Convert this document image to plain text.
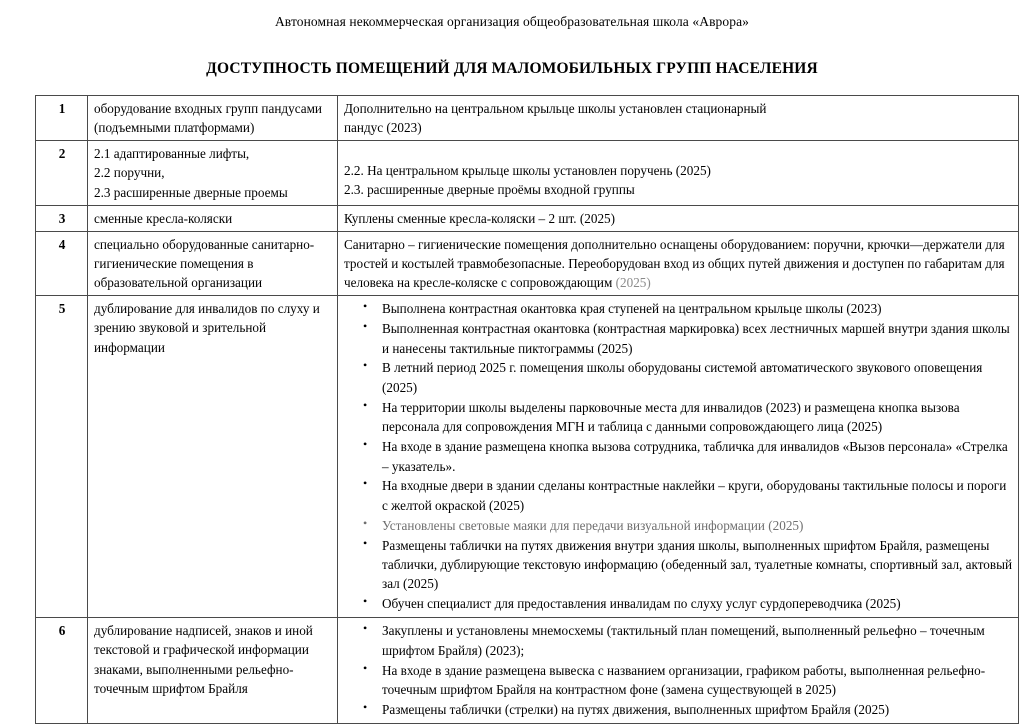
Автономная некоммерческая организация общеобразовательная школа «Аврора»
ДОСТУПНОСТЬ ПОМЕЩЕНИЙ ДЛЯ МАЛОМОБИЛЬНЫХ ГРУПП НАСЕЛЕНИЯ
1	оборудование входных групп пандусами (подъемными платформами)	Дополнительно на центральном крыльце школы установлен стационарный
пандус (2023)

2	2.1 адаптированные лифты,
2.2 поручни,
2.3 расширенные дверные проемы	2.2. На центральном крыльце школы установлен поручень (2025)
2.3. расширенные дверные проёмы входной группы

3	сменные кресла-коляски	Куплены сменные кресла-коляски – 2 шт. (2025)
4	специально оборудованные санитарно-гигиенические помещения в образовательной организации	Санитарно – гигиенические помещения дополнительно оснащены оборудованием: поручни, крючки—держатели для тростей и костылей травмобезопасные. Переоборудован вход из общих путей движения и доступен по габаритам для человека на кресле-коляске с сопровождающим (2025)
5	дублирование для инвалидов по слуху и зрению звуковой и зрительной информации	
• Выполнена контрастная окантовка края ступеней на центральном крыльце школы (2023)
• Выполненная контрастная окантовка (контрастная маркировка) всех лестничных маршей внутри здания школы и нанесены тактильные пиктограммы (2025)
• В летний период 2025 г. помещения школы оборудованы системой автоматического звукового оповещения (2025)
• На территории школы выделены парковочные места для инвалидов (2023) и размещена кнопка вызова персонала для сопровождения МГН и таблица с данными сопровождающего лица (2025)
• На входе в здание размещена кнопка вызова сотрудника, табличка для инвалидов «Вызов персонала» «Стрелка – указатель».
• На входные двери в здании сделаны контрастные наклейки – круги, оборудованы тактильные полосы и пороги с желтой окраской (2025)
• Установлены световые маяки для передачи визуальной информации (2025)
• Размещены таблички на путях движения внутри здания школы, выполненных шрифтом Брайля, размещены таблички, дублирующие текстовую информацию (обеденный зал, туалетные комнаты, спортивный зал, актовый зал (2025)
• Обучен специалист для предоставления инвалидам по слуху услуг сурдопереводчика (2025)

6	дублирование надписей, знаков и иной текстовой и графической информации знаками, выполненными рельефно-точечным шрифтом Брайля	
• Закуплены и установлены мнемосхемы (тактильный план помещений, выполненный рельефно – точечным шрифтом Брайля) (2023);
• На входе в здание размещена вывеска с названием организации, графиком работы, выполненная рельефно-точечным шрифтом Брайля на контрастном фоне (замена существующей в 2025)
• Размещены таблички (стрелки) на путях движения, выполненных шрифтом Брайля (2025)
